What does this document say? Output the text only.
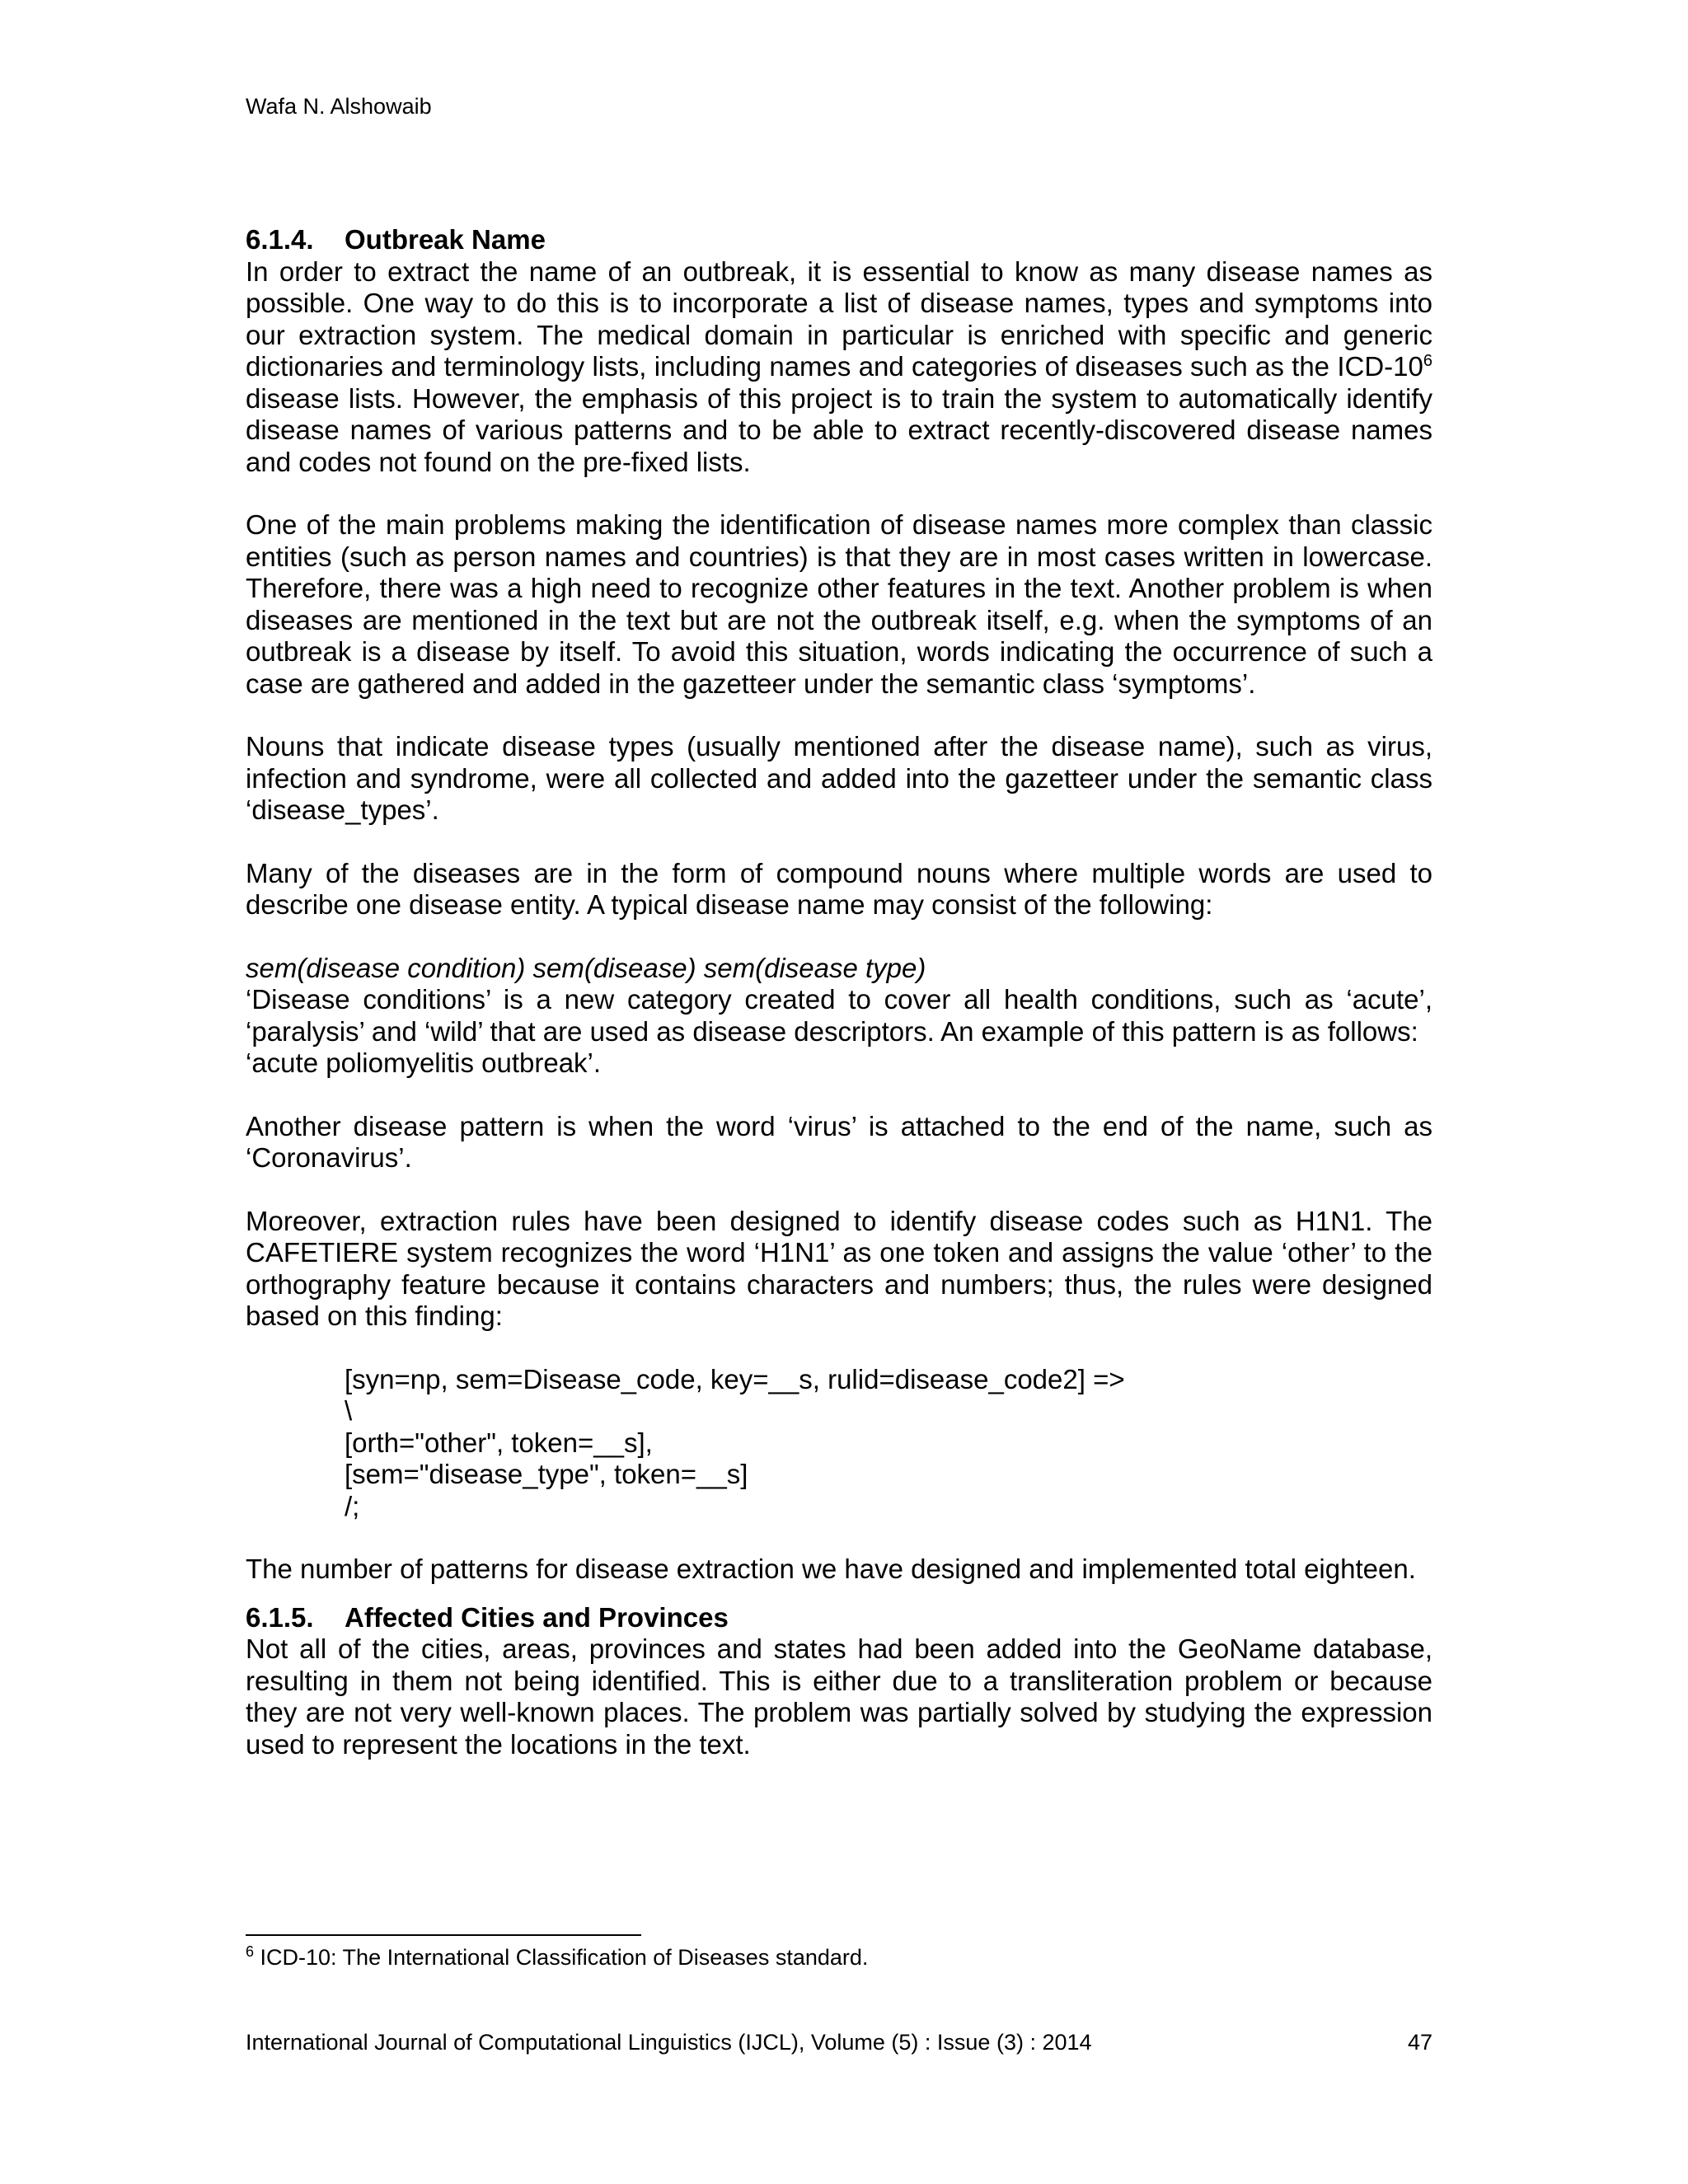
Wafa N. Alshowaib

6.1.4. Outbreak Name

In order to extract the name of an outbreak, it is essential to know as many disease names as possible. One way to do this is to incorporate a list of disease names, types and symptoms into our extraction system. The medical domain in particular is enriched with specific and generic dictionaries and terminology lists, including names and categories of diseases such as the ICD-$10^6$ disease lists. However, the emphasis of this project is to train the system to automatically identify disease names of various patterns and to be able to extract recently-discovered disease names and codes not found on the pre-fixed lists.

One of the main problems making the identification of disease names more complex than classic entities (such as person names and countries) is that they are in most cases written in lowercase. Therefore, there was a high need to recognize other features in the text. Another problem is when diseases are mentioned in the text but are not the outbreak itself, e.g. when the symptoms of an outbreak is a disease by itself. To avoid this situation, words indicating the occurrence of such a case are gathered and added in the gazetteer under the semantic class ‘symptoms’.

Nouns that indicate disease types (usually mentioned after the disease name), such as virus, infection and syndrome, were all collected and added into the gazetteer under the semantic class ‘disease_types’.

Many of the diseases are in the form of compound nouns where multiple words are used to describe one disease entity. A typical disease name may consist of the following:

sem(disease condition) sem(disease) sem(disease type)

‘Disease conditions’ is a new category created to cover all health conditions, such as ‘acute’, ‘paralysis’ and ‘wild’ that are used as disease descriptors. An example of this pattern is as follows:

‘acute poliomyelitis outbreak’.

Another disease pattern is when the word ‘virus’ is attached to the end of the name, such as ‘Coronavirus’.

Moreover, extraction rules have been designed to identify disease codes such as H1N1. The CAFETIERE system recognizes the word ‘H1N1’ as one token and assigns the value ‘other’ to the orthography feature because it contains characters and numbers; thus, the rules were designed based on this finding:

[syn=np, sem=Disease_code, key=__s, rulid=disease_code2] =>
\
[orth="other", token=__s],
[sem="disease_type", token=__s]
/;

The number of patterns for disease extraction we have designed and implemented total eighteen.

6.1.5. Affected Cities and Provinces

Not all of the cities, areas, provinces and states had been added into the GeoName database, resulting in them not being identified. This is either due to a transliteration problem or because they are not very well-known places. The problem was partially solved by studying the expression used to represent the locations in the text.

$^6$ ICD-10: The International Classification of Diseases standard.
International Journal of Computational Linguistics (IJCL), Volume (5) : Issue (3) : 2014	47
